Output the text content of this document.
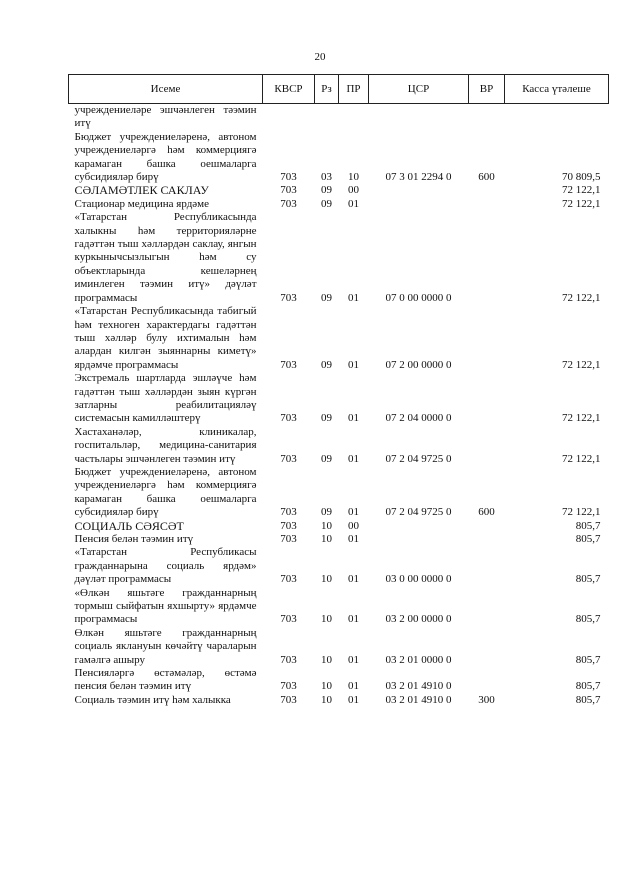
20
Исеме	КВСР	Рз	ПР	ЦСР	ВР	Касса үтәлеше
учреждениеләре эшчәнлеген тәэмин итү						
Бюджет учреждениеләренә, автоном учреждениеләргә һәм коммерциягә карамаган башка оешмаларга субсидияләр бирү	703	03	10	07 3 01 2294 0	600	70 809,5
СӘЛАМӘТЛЕК САКЛАУ	703	09	00			72 122,1
Стационар медицина ярдәме	703	09	01			72 122,1
«Татарстан Республикасында халыкны һәм территорияләрне гадәттән тыш хәлләрдән саклау, янгын куркынычсызлыгын һәм су объектларында кешеләрнең иминлеген тәэмин итү» дәүләт программасы	703	09	01	07 0 00 0000 0		72 122,1
«Татарстан Республикасында табигый һәм техноген характердагы гадәттән тыш хәлләр булу ихтималын һәм алардан килгән зыяннарны киметү» ярдәмче программасы	703	09	01	07 2 00 0000 0		72 122,1
Экстремаль шартларда эшләүче һәм гадәттән тыш хәлләрдән зыян күргән затларны реабилитацияләү системасын камилләштерү	703	09	01	07 2 04 0000 0		72 122,1
Хастаханәләр, клиникалар, госпитальләр, медицина-санитария частьлары эшчәнлеген тәэмин итү	703	09	01	07 2 04 9725 0		72 122,1
Бюджет учреждениеләренә, автоном учреждениеләргә һәм коммерциягә карамаган башка оешмаларга субсидияләр бирү	703	09	01	07 2 04 9725 0	600	72 122,1
СОЦИАЛЬ СӘЯСӘТ	703	10	00			805,7
Пенсия белән тәэмин итү	703	10	01			805,7
«Татарстан Республикасы гражданнарына социаль ярдәм» дәүләт программасы	703	10	01	03 0 00 0000 0		805,7
«Өлкән яшьтәге гражданнарның тормыш сыйфатын яхшырту» ярдәмче программасы	703	10	01	03 2 00 0000 0		805,7
Өлкән яшьтәге гражданнарның социаль яклануын көчәйтү чараларын гамәлгә ашыру	703	10	01	03 2 01 0000 0		805,7
Пенсияләргә өстәмәләр, өстәмә пенсия белән тәэмин итү	703	10	01	03 2 01 4910 0		805,7
Социаль тәэмин итү һәм халыкка	703	10	01	03 2 01 4910 0	300	805,7
